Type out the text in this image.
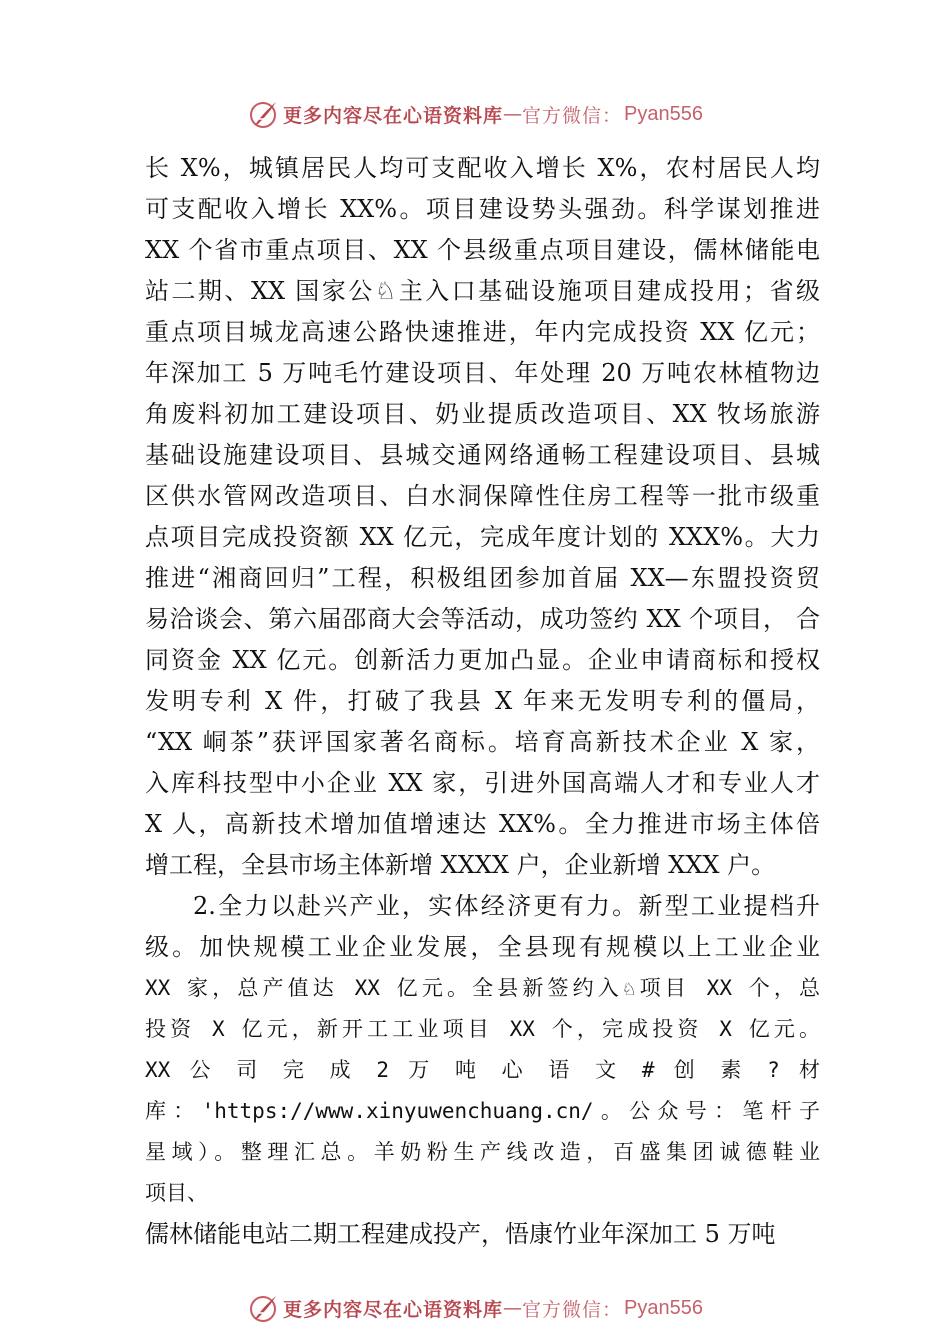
更多内容尽在心语资料库 — 官方微信： Pyan556
长 X%，城镇居民人均可支配收入增长 X%，农村居民人均
可支配收入增长 XX%。项目建设势头强劲。科学谋划推进
XX 个省市重点项目、XX 个县级重点项目建设，儒林储能电
站二期、XX 国家公♘主入口基础设施项目建成投用；省级
重点项目城龙高速公路快速推进，年内完成投资 XX 亿元；
年深加工 5 万吨毛竹建设项目、年处理 20 万吨农林植物边
角废料初加工建设项目、奶业提质改造项目、XX 牧场旅游
基础设施建设项目、县城交通网络通畅工程建设项目、县城
区供水管网改造项目、白水洞保障性住房工程等一批市级重
点项目完成投资额 XX 亿元，完成年度计划的 XXX%。大力
推进“湘商回归”工程，积极组团参加首届 XX—东盟投资贸
易洽谈会、第六届邵商大会等活动，成功签约 XX 个项目， 合
同资金 XX 亿元。创新活力更加凸显。企业申请商标和授权
发明专利 X 件，打破了我县 X 年来无发明专利的僵局，
“XX 峒茶”获评国家著名商标。培育高新技术企业 X 家，
入库科技型中小企业 XX 家，引进外国高端人才和专业人才
X 人，高新技术增加值增速达 XX%。全力推进市场主体倍
增工程，全县市场主体新增 XXXX 户，企业新增 XXX 户。
2.全力以赴兴产业，实体经济更有力。新型工业提档升
级。加快规模工业企业发展，全县现有规模以上工业企业
XX 家，总产值达 XX 亿元。全县新签约入♘项目 XX 个，总
投资 X 亿元，新开工工业项目 XX 个，完成投资 X 亿元。
XX 公 司 完 成 2 万 吨 心 语 文 # 创 素 ? 材
库：'https://www.xinyuwenchuang.cn/。公众号：笔杆子
星域）。整理汇总。羊奶粉生产线改造，百盛集团诚德鞋业
项目、
儒林储能电站二期工程建成投产，悟康竹业年深加工 5 万吨
更多内容尽在心语资料库 — 官方微信： Pyan556
